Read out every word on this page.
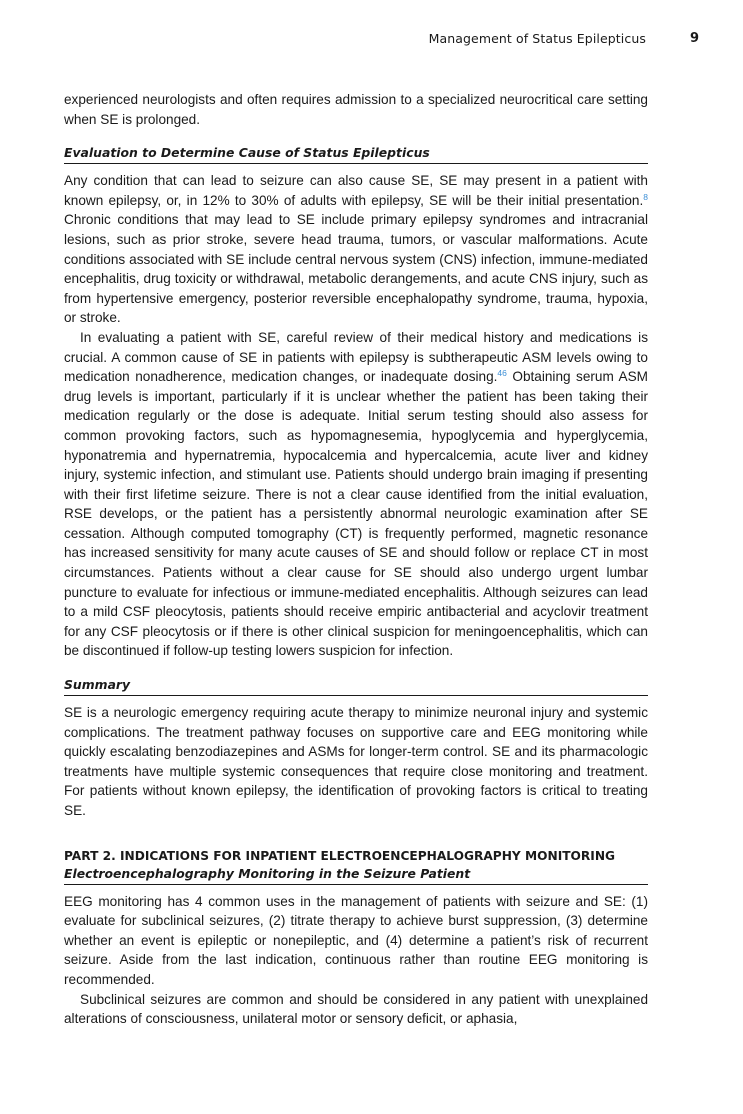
Management of Status Epilepticus	9

experienced neurologists and often requires admission to a specialized neurocritical care setting when SE is prolonged.

Evaluation to Determine Cause of Status Epilepticus

Any condition that can lead to seizure can also cause SE, SE may present in a patient with known epilepsy, or, in 12% to 30% of adults with epilepsy, SE will be their initial presentation.$^8$ Chronic conditions that may lead to SE include primary epilepsy syndromes and intracranial lesions, such as prior stroke, severe head trauma, tumors, or vascular malformations. Acute conditions associated with SE include central nervous system (CNS) infection, immune-mediated encephalitis, drug toxicity or withdrawal, metabolic derangements, and acute CNS injury, such as from hypertensive emergency, posterior reversible encephalopathy syndrome, trauma, hypoxia, or stroke.

In evaluating a patient with SE, careful review of their medical history and medications is crucial. A common cause of SE in patients with epilepsy is subtherapeutic ASM levels owing to medication nonadherence, medication changes, or inadequate dosing.$^{46}$ Obtaining serum ASM drug levels is important, particularly if it is unclear whether the patient has been taking their medication regularly or the dose is adequate. Initial serum testing should also assess for common provoking factors, such as hypomagnesemia, hypoglycemia and hyperglycemia, hyponatremia and hypernatremia, hypocalcemia and hypercalcemia, acute liver and kidney injury, systemic infection, and stimulant use. Patients should undergo brain imaging if presenting with their first lifetime seizure. There is not a clear cause identified from the initial evaluation, RSE develops, or the patient has a persistently abnormal neurologic examination after SE cessation. Although computed tomography (CT) is frequently performed, magnetic resonance has increased sensitivity for many acute causes of SE and should follow or replace CT in most circumstances. Patients without a clear cause for SE should also undergo urgent lumbar puncture to evaluate for infectious or immune-mediated encephalitis. Although seizures can lead to a mild CSF pleocytosis, patients should receive empiric antibacterial and acyclovir treatment for any CSF pleocytosis or if there is other clinical suspicion for meningoencephalitis, which can be discontinued if follow-up testing lowers suspicion for infection.

Summary

SE is a neurologic emergency requiring acute therapy to minimize neuronal injury and systemic complications. The treatment pathway focuses on supportive care and EEG monitoring while quickly escalating benzodiazepines and ASMs for longer-term control. SE and its pharmacologic treatments have multiple systemic consequences that require close monitoring and treatment. For patients without known epilepsy, the identification of provoking factors is critical to treating SE.

PART 2. INDICATIONS FOR INPATIENT ELECTROENCEPHALOGRAPHY MONITORING
Electroencephalography Monitoring in the Seizure Patient

EEG monitoring has 4 common uses in the management of patients with seizure and SE: (1) evaluate for subclinical seizures, (2) titrate therapy to achieve burst suppression, (3) determine whether an event is epileptic or nonepileptic, and (4) determine a patient’s risk of recurrent seizure. Aside from the last indication, continuous rather than routine EEG monitoring is recommended.

Subclinical seizures are common and should be considered in any patient with unexplained alterations of consciousness, unilateral motor or sensory deficit, or aphasia,
